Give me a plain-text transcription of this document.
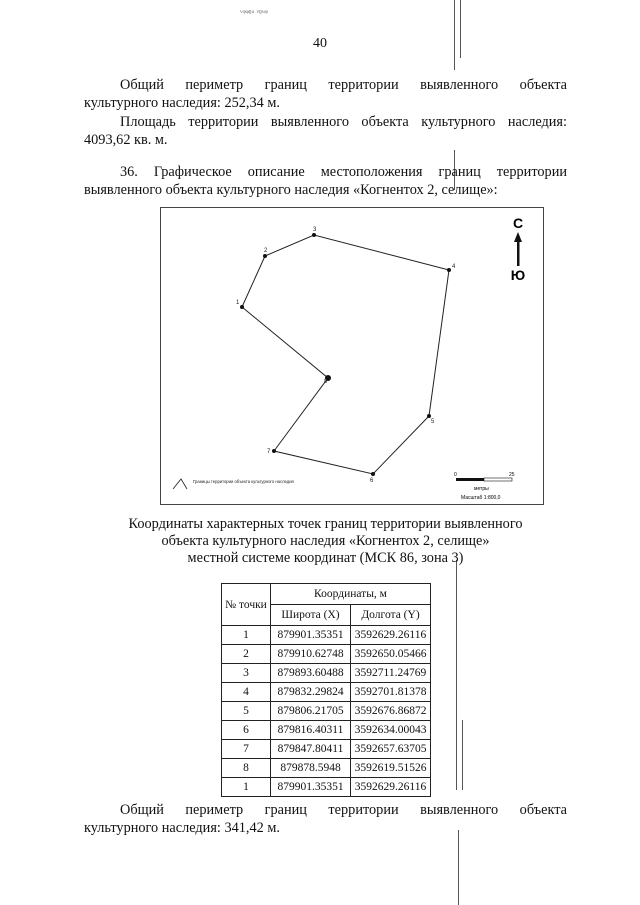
ᵥᵩᵩᵨᵤ ᵥᵨᵤᵩ
40
Общий периметр границ территории выявленного объекта
культурного наследия: 252,34 м.
Площадь территории выявленного объекта культурного наследия:
4093,62 кв. м.
36. Графическое описание местоположения границ территории
выявленного объекта культурного наследия «Когнентох 2, селище»:
1
2
3
4
5
6
7
8
С
Ю
Границы территории объекта культурного наследия
0	25
метры
Масштаб 1:800,0
Координаты характерных точек границ территории выявленного
объекта культурного наследия «Когнентох 2, селище»
местной системе координат (МСК 86, зона 3)
№ точки	Координаты, м	
	Широта (X)	Долгота (Y)
1	879901.35351	3592629.26116
2	879910.62748	3592650.05466
3	879893.60488	3592711.24769
4	879832.29824	3592701.81378
5	879806.21705	3592676.86872
6	879816.40311	3592634.00043
7	879847.80411	3592657.63705
8	879878.5948	3592619.51526
1	879901.35351	3592629.26116
Общий периметр границ территории выявленного объекта
культурного наследия: 341,42 м.
